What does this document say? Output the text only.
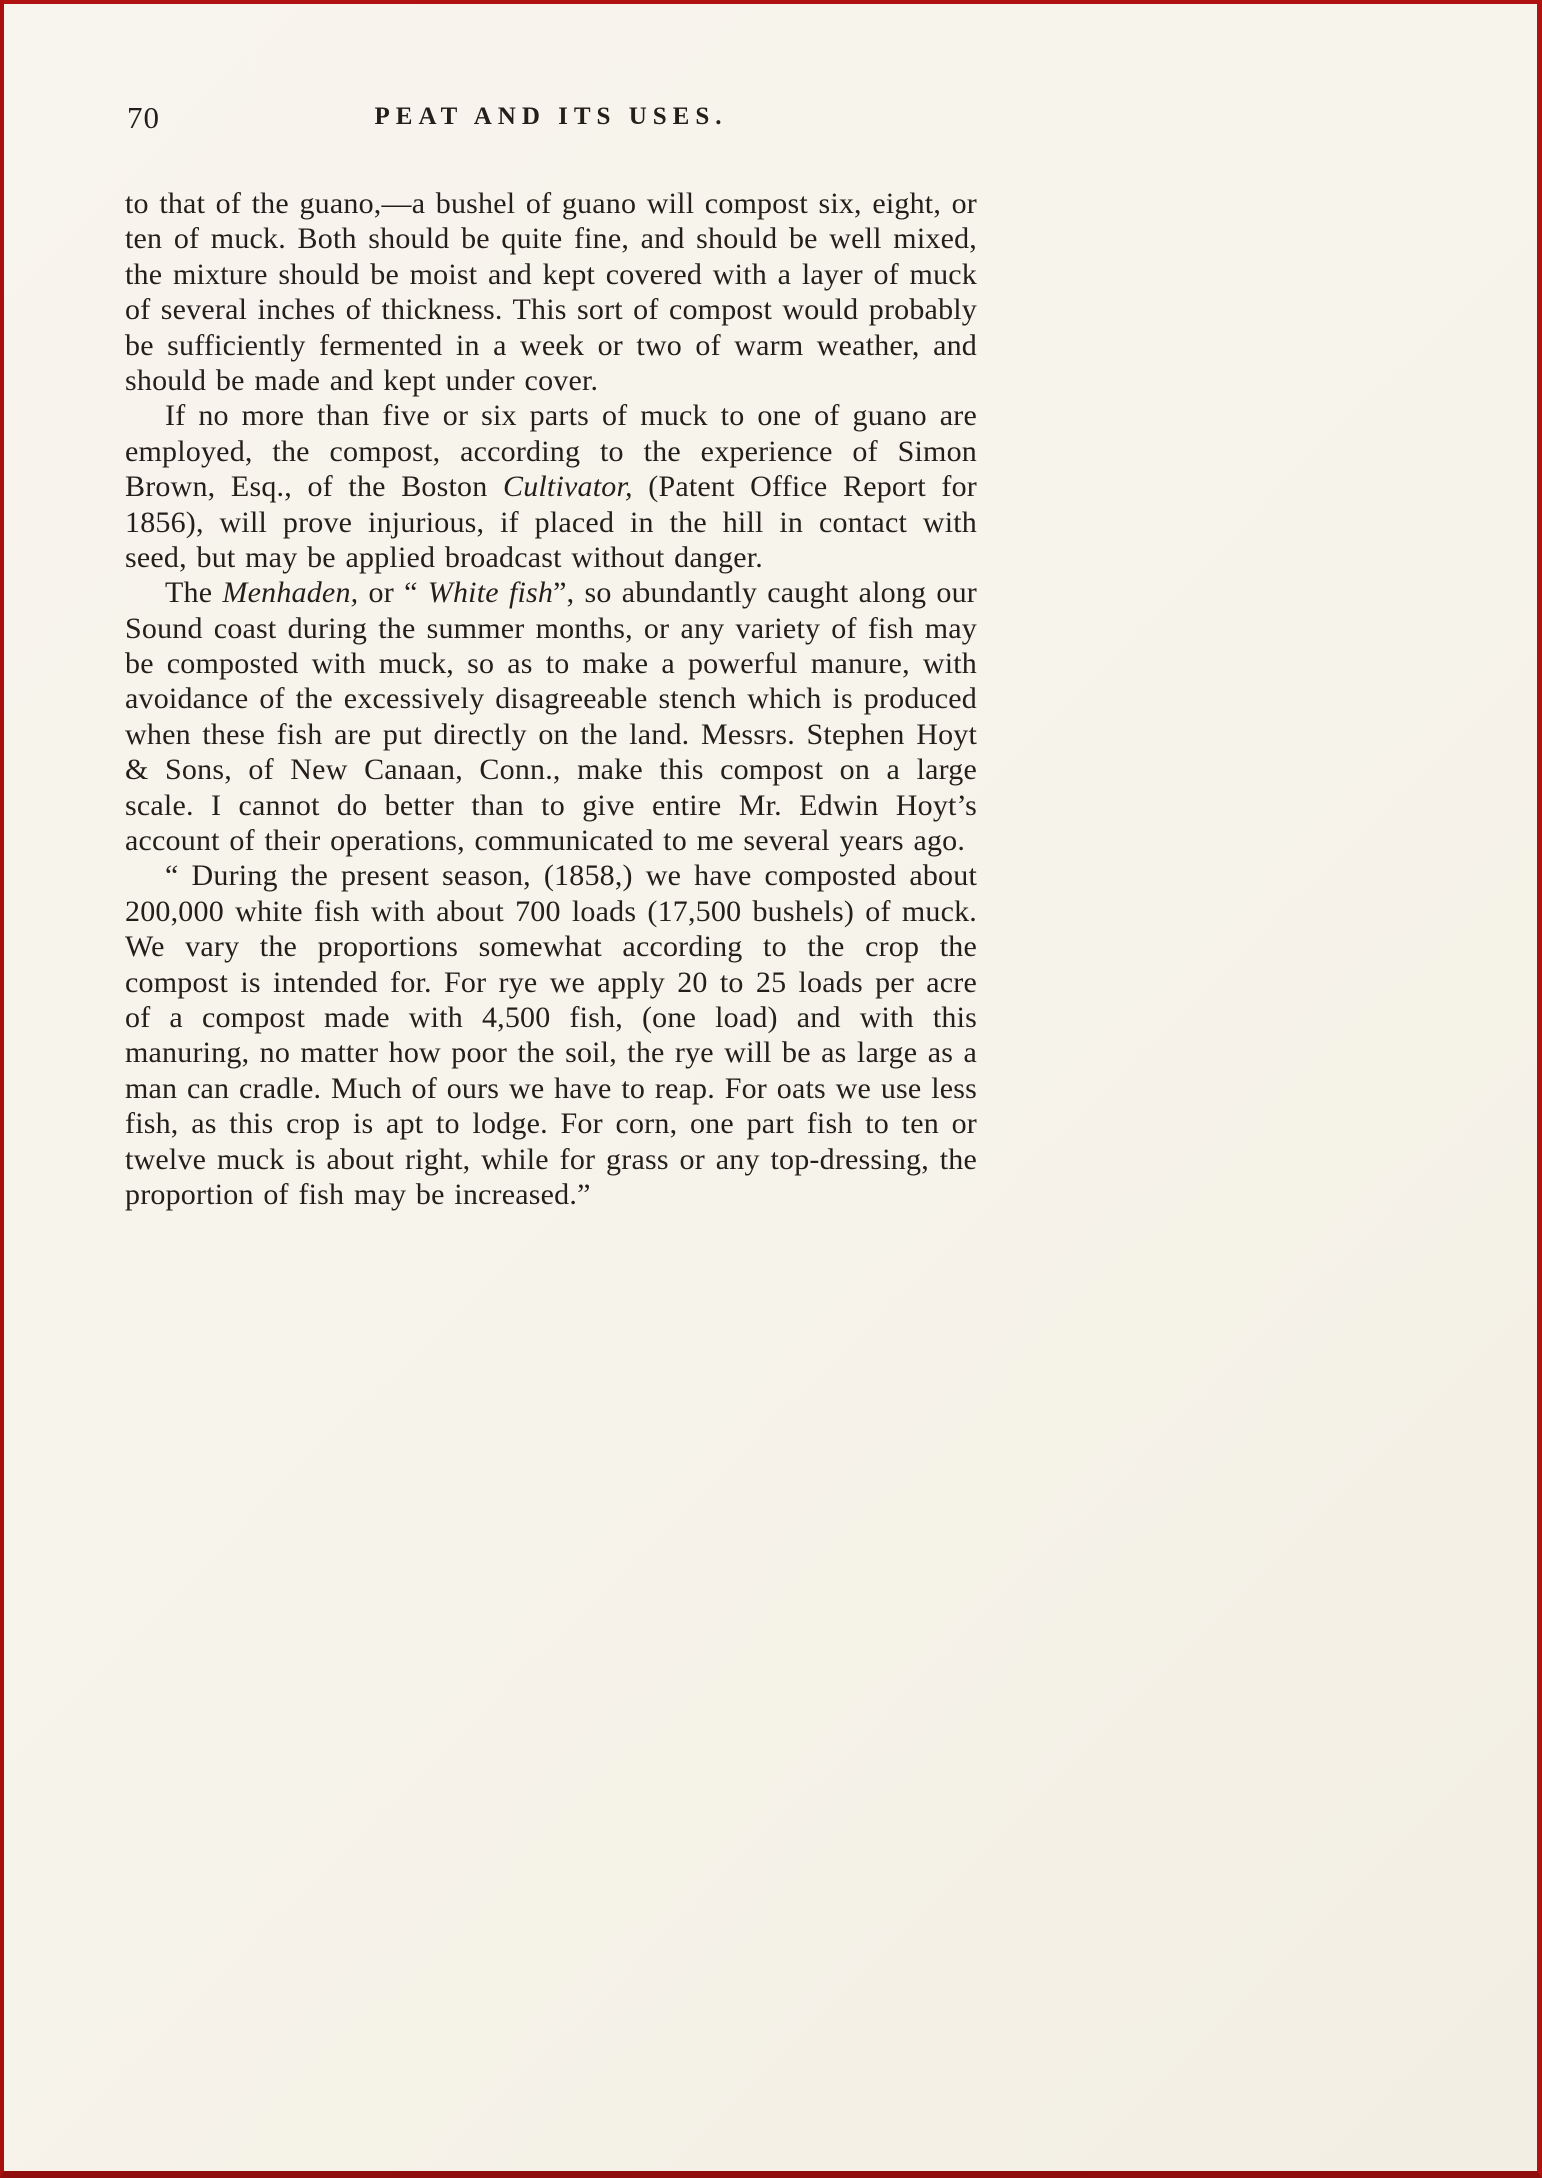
70	PEAT AND ITS USES.

to that of the guano,—a bushel of guano will compost six, eight, or ten of muck. Both should be quite fine, and should be well mixed, the mixture should be moist and kept covered with a layer of muck of several inches of thickness. This sort of compost would probably be sufficiently fermented in a week or two of warm weather, and should be made and kept under cover.

If no more than five or six parts of muck to one of guano are employed, the compost, according to the experience of Simon Brown, Esq., of the Boston Cultivator, (Patent Office Report for 1856), will prove injurious, if placed in the hill in contact with seed, but may be applied broadcast without danger.

The Menhaden, or “ White fish”, so abundantly caught along our Sound coast during the summer months, or any variety of fish may be composted with muck, so as to make a powerful manure, with avoidance of the excessively disagreeable stench which is produced when these fish are put directly on the land. Messrs. Stephen Hoyt & Sons, of New Canaan, Conn., make this compost on a large scale. I cannot do better than to give entire Mr. Edwin Hoyt’s account of their operations, communicated to me several years ago.

“ During the present season, (1858,) we have composted about 200,000 white fish with about 700 loads (17,500 bushels) of muck. We vary the proportions somewhat according to the crop the compost is intended for. For rye we apply 20 to 25 loads per acre of a compost made with 4,500 fish, (one load) and with this manuring, no matter how poor the soil, the rye will be as large as a man can cradle. Much of ours we have to reap. For oats we use less fish, as this crop is apt to lodge. For corn, one part fish to ten or twelve muck is about right, while for grass or any top-dressing, the proportion of fish may be increased.”
